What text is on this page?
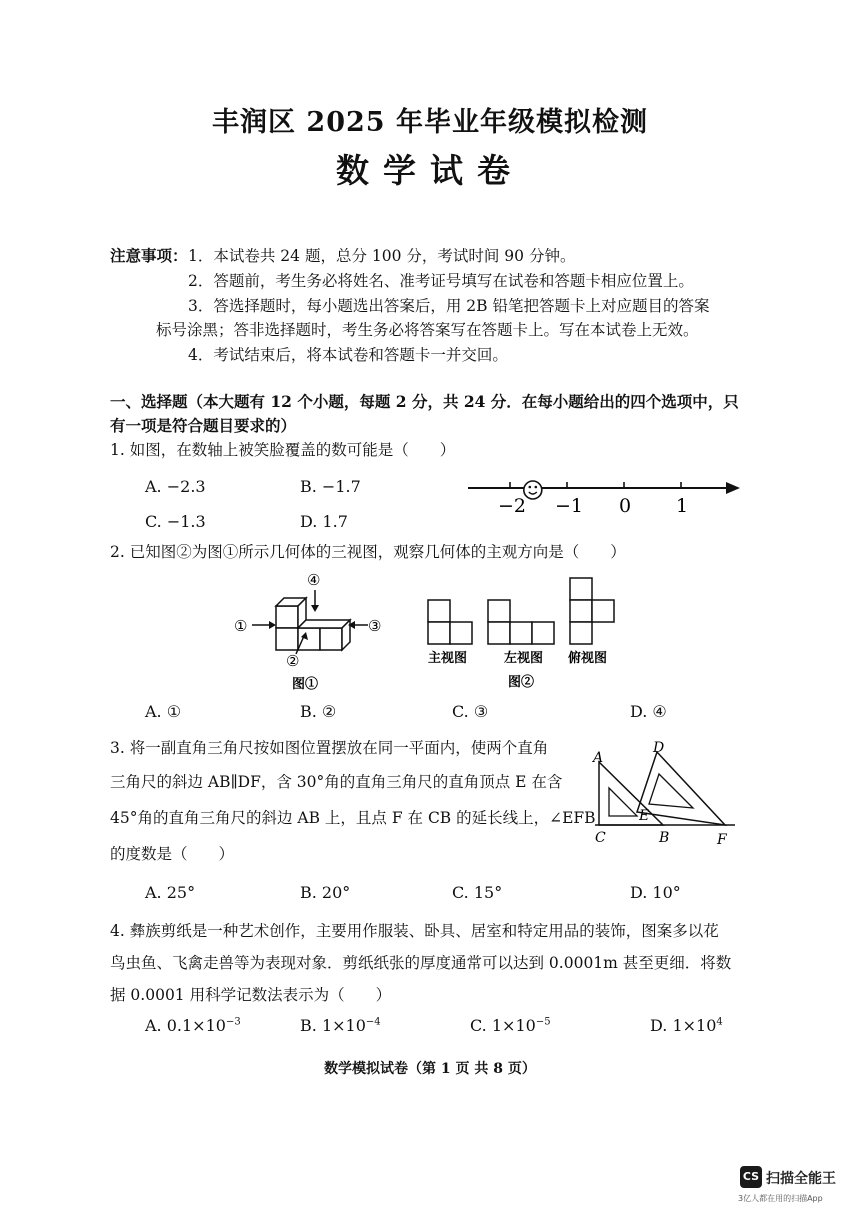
丰润区 2025 年毕业年级模拟检测
数学试卷
注意事项： 1．本试卷共 24 题，总分 100 分，考试时间 90 分钟。
2．答题前，考生务必将姓名、准考证号填写在试卷和答题卡相应位置上。
3．答选择题时，每小题选出答案后，用 2B 铅笔把答题卡上对应题目的答案
标号涂黑；答非选择题时，考生务必将答案写在答题卡上。写在本试卷上无效。
4．考试结束后，将本试卷和答题卡一并交回。
一、选择题（本大题有 12 个小题，每题 2 分，共 24 分．在每小题给出的四个选项中，只
有一项是符合题目要求的）
1. 如图，在数轴上被笑脸覆盖的数可能是（　　）
A. −2.3	B. −1.7
C. −1.3	D. 1.7
−2 −1 0 1
2. 已知图②为图①所示几何体的三视图，观察几何体的主观方向是（　　）
①	③
④
②
图①
主视图	左视图 俯视图
图②
A. ①	B. ②	C. ③	D. ④
3. 将一副直角三角尺按如图位置摆放在同一平面内，使两个直角
三角尺的斜边 AB∥DF，含 30°角的直角三角尺的直角顶点 E 在含
45°角的直角三角尺的斜边 AB 上，且点 F 在 CB 的延长线上，∠EFB
的度数是（　　）
A
D
E
C	B	F
A. 25°	B. 20°	C. 15°	D. 10°
4. 彝族剪纸是一种艺术创作，主要用作服装、卧具、居室和特定用品的装饰，图案多以花
鸟虫鱼、飞禽走兽等为表现对象．剪纸纸张的厚度通常可以达到 0.0001m 甚至更细．将数
据 0.0001 用科学记数法表示为（　　）
A. $0.1\times 10^{-3}$	B. $1\times 10^{-4}$	C. $1\times 10^{-5}$	D. $1\times 10^4$
数学模拟试卷（第 1 页 共 8 页）
CS 扫描全能王
3亿人都在用的扫描App
